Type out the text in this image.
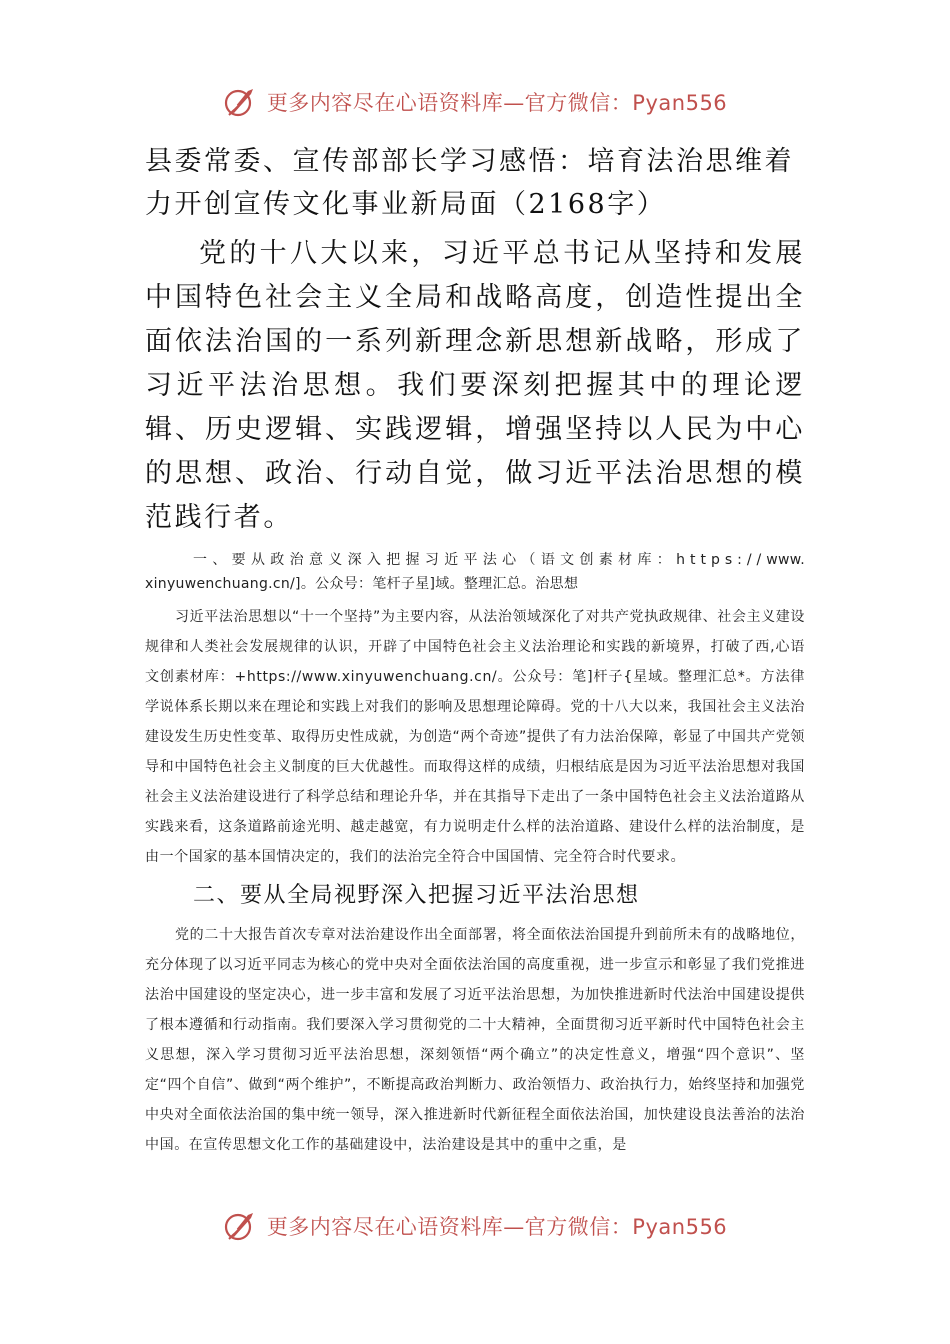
更多内容尽在心语资料库—官方微信：Pyan556
县委常委、宣传部部长学习感悟：培育法治思维着力开创宣传文化事业新局面（2168字）

党的十八大以来，习近平总书记从坚持和发展中国特色社会主义全局和战略高度，创造性提出全面依法治国的一系列新理念新思想新战略，形成了习近平法治思想。我们要深刻把握其中的理论逻辑、历史逻辑、实践逻辑，增强坚持以人民为中心的思想、政治、行动自觉，做习近平法治思想的模范践行者。

一、要从政治意义深入把握习近平法心（语文创素材库：https://www.xinyuwenchuang.cn/]。公众号：笔杆子星]域。整理汇总。治思想

习近平法治思想以“十一个坚持”为主要内容，从法治领域深化了对共产党执政规律、社会主义建设规律和人类社会发展规律的认识，开辟了中国特色社会主义法治理论和实践的新境界，打破了西,心语文创素材库：+https://www.xinyuwenchuang.cn/。公众号：笔]杆子{星域。整理汇总*。方法律学说体系长期以来在理论和实践上对我们的影响及思想理论障碍。党的十八大以来，我国社会主义法治建设发生历史性变革、取得历史性成就，为创造“两个奇迹”提供了有力法治保障，彰显了中国共产党领导和中国特色社会主义制度的巨大优越性。而取得这样的成绩，归根结底是因为习近平法治思想对我国社会主义法治建设进行了科学总结和理论升华，并在其指导下走出了一条中国特色社会主义法治道路从实践来看，这条道路前途光明、越走越宽，有力说明走什么样的法治道路、建设什么样的法治制度，是由一个国家的基本国情决定的，我们的法治完全符合中国国情、完全符合时代要求。

二、要从全局视野深入把握习近平法治思想

党的二十大报告首次专章对法治建设作出全面部署，将全面依法治国提升到前所未有的战略地位，充分体现了以习近平同志为核心的党中央对全面依法治国的高度重视，进一步宣示和彰显了我们党推进法治中国建设的坚定决心，进一步丰富和发展了习近平法治思想，为加快推进新时代法治中国建设提供了根本遵循和行动指南。我们要深入学习贯彻党的二十大精神，全面贯彻习近平新时代中国特色社会主义思想，深入学习贯彻习近平法治思想，深刻领悟“两个确立”的决定性意义，增强“四个意识”、坚定“四个自信”、做到“两个维护”，不断提高政治判断力、政治领悟力、政治执行力，始终坚持和加强党中央对全面依法治国的集中统一领导，深入推进新时代新征程全面依法治国，加快建设良法善治的法治中国。在宣传思想文化工作的基础建设中，法治建设是其中的重中之重，是

更多内容尽在心语资料库—官方微信：Pyan556
